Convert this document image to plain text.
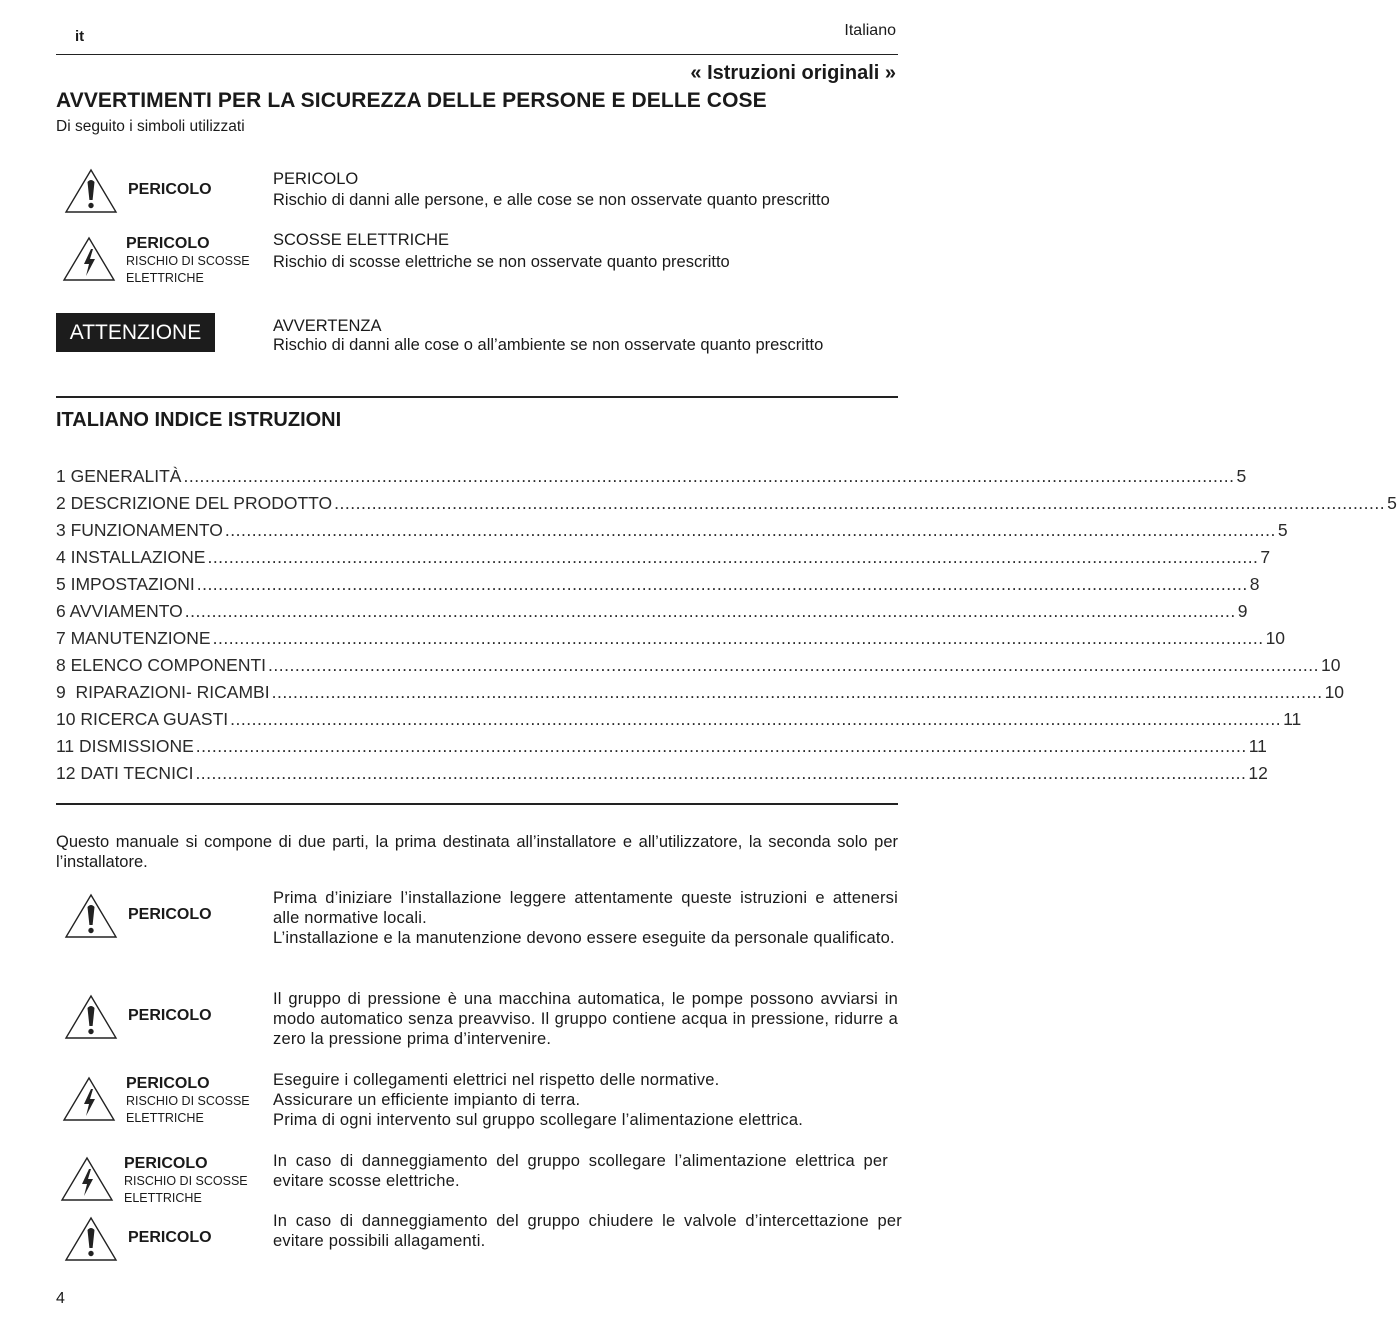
it	Italiano
« Istruzioni originali »
AVVERTIMENTI PER LA SICUREZZA DELLE PERSONE E DELLE COSE
Di seguito i simboli utilizzati
PERICOLO
PERICOLO
Rischio di danni alle persone, e alle cose se non osservate quanto prescritto
PERICOLO
RISCHIO DI SCOSSE
ELETTRICHE
SCOSSE ELETTRICHE
Rischio di scosse elettriche se non osservate quanto prescritto
ATTENZIONE	AVVERTENZA
Rischio di danni alle cose o all’ambiente se non osservate quanto prescritto
ITALIANO INDICE ISTRUZIONI
1 GENERALITÀ .................................................................................................................................................................................................... 5
2 DESCRIZIONE DEL PRODOTTO .................................................................................................................................................................................................... 5
3 FUNZIONAMENTO .................................................................................................................................................................................................... 5
4 INSTALLAZIONE .................................................................................................................................................................................................... 7
5 IMPOSTAZIONI .................................................................................................................................................................................................... 8
6 AVVIAMENTO .................................................................................................................................................................................................... 9
7 MANUTENZIONE .................................................................................................................................................................................................... 10
8 ELENCO COMPONENTI .................................................................................................................................................................................................... 10
9  RIPARAZIONI- RICAMBI .................................................................................................................................................................................................... 10
10 RICERCA GUASTI .................................................................................................................................................................................................... 11
11 DISMISSIONE .................................................................................................................................................................................................... 11
12 DATI TECNICI .................................................................................................................................................................................................... 12
Questo manuale si compone di due parti, la prima destinata all’installatore e all’utilizzatore, la seconda solo per l’installatore.
PERICOLO
Prima d’iniziare l’installazione leggere attentamente queste istruzioni e attenersi alle normative locali.
L’installazione e la manutenzione devono essere eseguite da personale qualificato.
PERICOLO
Il gruppo di pressione è una macchina automatica, le pompe possono avviarsi in modo automatico senza preavviso. Il gruppo contiene acqua in pressione, ridurre a zero la pressione prima d’intervenire.
PERICOLO
RISCHIO DI SCOSSE
ELETTRICHE
Eseguire i collegamenti elettrici nel rispetto delle normative.
Assicurare un efficiente impianto di terra.
Prima di ogni intervento sul gruppo scollegare l’alimentazione elettrica.
PERICOLO
RISCHIO DI SCOSSE
ELETTRICHE
In caso di danneggiamento del gruppo scollegare l’alimentazione elettrica per evitare scosse elettriche.
PERICOLO
In caso di danneggiamento del gruppo chiudere le valvole d’intercettazione per evitare possibili allagamenti.
4
